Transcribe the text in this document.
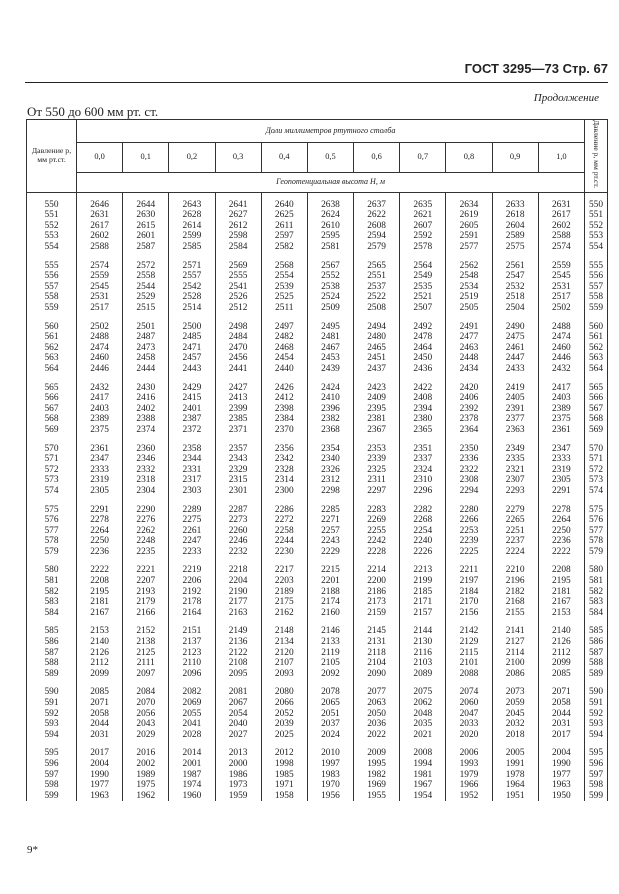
ГОСТ 3295—73 Стр. 67
Продолжение
От 550 до 600 мм рт. ст.
Давление p, мм рт.ст.	Доли миллиметров ртутного столба											Давление p, мм рт.ст.
	0,0	0,1	0,2	0,3	0,4	0,5	0,6	0,7	0,8	0,9	1,0	
	Геопотенциальная высота H, м											
550	2646	2644	2643	2641	2640	2638	2637	2635	2634	2633	2631	550
551	2631	2630	2628	2627	2625	2624	2622	2621	2619	2618	2617	551
552	2617	2615	2614	2612	2611	2610	2608	2607	2605	2604	2602	552
553	2602	2601	2599	2598	2597	2595	2594	2592	2591	2589	2588	553
554	2588	2587	2585	2584	2582	2581	2579	2578	2577	2575	2574	554
555	2574	2572	2571	2569	2568	2567	2565	2564	2562	2561	2559	555
556	2559	2558	2557	2555	2554	2552	2551	2549	2548	2547	2545	556
557	2545	2544	2542	2541	2539	2538	2537	2535	2534	2532	2531	557
558	2531	2529	2528	2526	2525	2524	2522	2521	2519	2518	2517	558
559	2517	2515	2514	2512	2511	2509	2508	2507	2505	2504	2502	559
560	2502	2501	2500	2498	2497	2495	2494	2492	2491	2490	2488	560
561	2488	2487	2485	2484	2482	2481	2480	2478	2477	2475	2474	561
562	2474	2473	2471	2470	2468	2467	2465	2464	2463	2461	2460	562
563	2460	2458	2457	2456	2454	2453	2451	2450	2448	2447	2446	563
564	2446	2444	2443	2441	2440	2439	2437	2436	2434	2433	2432	564
565	2432	2430	2429	2427	2426	2424	2423	2422	2420	2419	2417	565
566	2417	2416	2415	2413	2412	2410	2409	2408	2406	2405	2403	566
567	2403	2402	2401	2399	2398	2396	2395	2394	2392	2391	2389	567
568	2389	2388	2387	2385	2384	2382	2381	2380	2378	2377	2375	568
569	2375	2374	2372	2371	2370	2368	2367	2365	2364	2363	2361	569
570	2361	2360	2358	2357	2356	2354	2353	2351	2350	2349	2347	570
571	2347	2346	2344	2343	2342	2340	2339	2337	2336	2335	2333	571
572	2333	2332	2331	2329	2328	2326	2325	2324	2322	2321	2319	572
573	2319	2318	2317	2315	2314	2312	2311	2310	2308	2307	2305	573
574	2305	2304	2303	2301	2300	2298	2297	2296	2294	2293	2291	574
575	2291	2290	2289	2287	2286	2285	2283	2282	2280	2279	2278	575
576	2278	2276	2275	2273	2272	2271	2269	2268	2266	2265	2264	576
577	2264	2262	2261	2260	2258	2257	2255	2254	2253	2251	2250	577
578	2250	2248	2247	2246	2244	2243	2242	2240	2239	2237	2236	578
579	2236	2235	2233	2232	2230	2229	2228	2226	2225	2224	2222	579
580	2222	2221	2219	2218	2217	2215	2214	2213	2211	2210	2208	580
581	2208	2207	2206	2204	2203	2201	2200	2199	2197	2196	2195	581
582	2195	2193	2192	2190	2189	2188	2186	2185	2184	2182	2181	582
583	2181	2179	2178	2177	2175	2174	2173	2171	2170	2168	2167	583
584	2167	2166	2164	2163	2162	2160	2159	2157	2156	2155	2153	584
585	2153	2152	2151	2149	2148	2146	2145	2144	2142	2141	2140	585
586	2140	2138	2137	2136	2134	2133	2131	2130	2129	2127	2126	586
587	2126	2125	2123	2122	2120	2119	2118	2116	2115	2114	2112	587
588	2112	2111	2110	2108	2107	2105	2104	2103	2101	2100	2099	588
589	2099	2097	2096	2095	2093	2092	2090	2089	2088	2086	2085	589
590	2085	2084	2082	2081	2080	2078	2077	2075	2074	2073	2071	590
591	2071	2070	2069	2067	2066	2065	2063	2062	2060	2059	2058	591
592	2058	2056	2055	2054	2052	2051	2050	2048	2047	2045	2044	592
593	2044	2043	2041	2040	2039	2037	2036	2035	2033	2032	2031	593
594	2031	2029	2028	2027	2025	2024	2022	2021	2020	2018	2017	594
595	2017	2016	2014	2013	2012	2010	2009	2008	2006	2005	2004	595
596	2004	2002	2001	2000	1998	1997	1995	1994	1993	1991	1990	596
597	1990	1989	1987	1986	1985	1983	1982	1981	1979	1978	1977	597
598	1977	1975	1974	1973	1971	1970	1969	1967	1966	1964	1963	598
599	1963	1962	1960	1959	1958	1956	1955	1954	1952	1951	1950	599
9*
